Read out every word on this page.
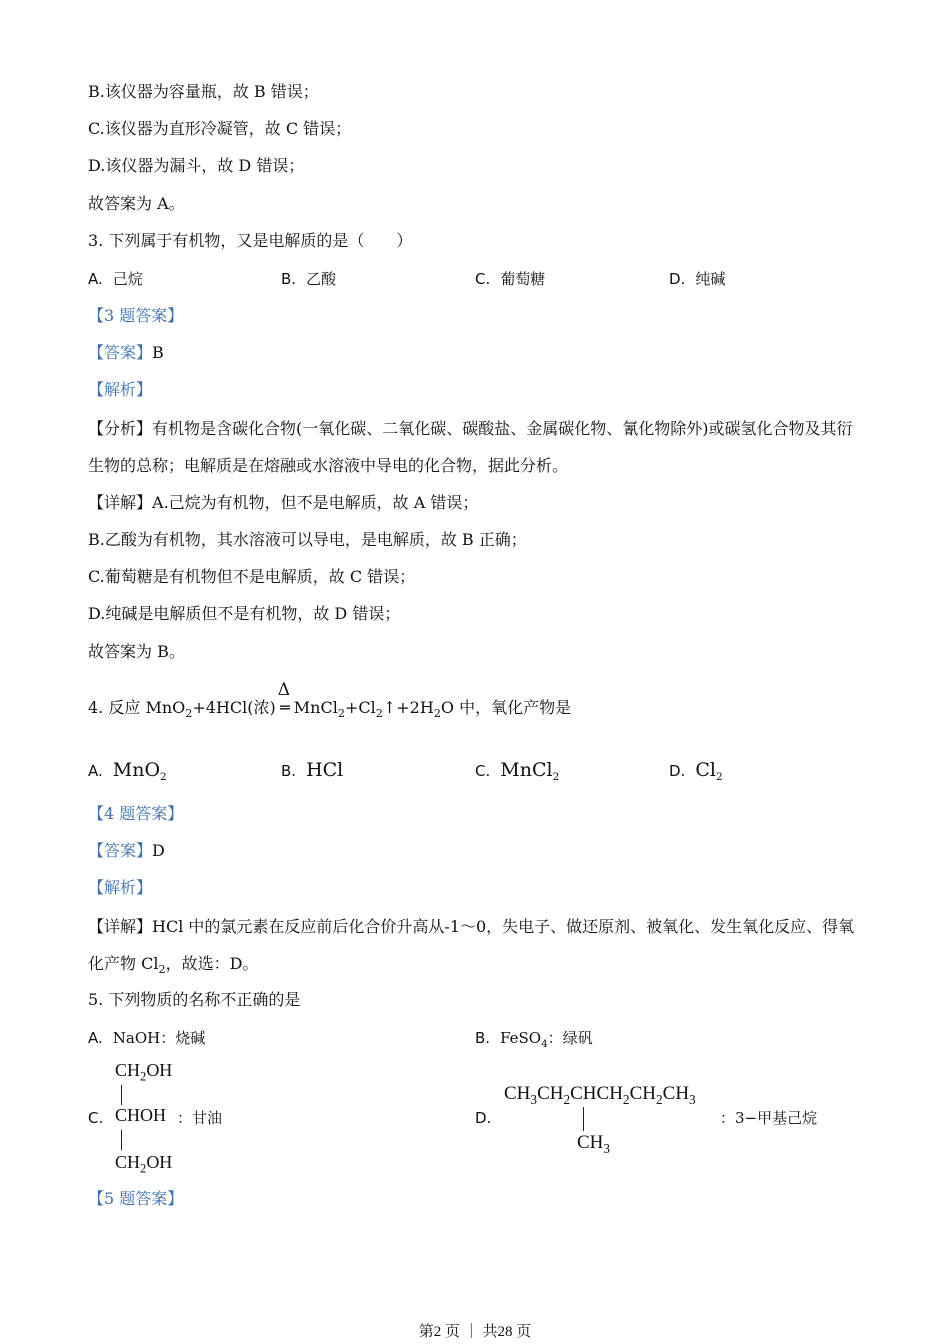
B.该仪器为容量瓶，故 B 错误；
C.该仪器为直形冷凝管，故 C 错误；
D.该仪器为漏斗，故 D 错误；
故答案为 A。
3. 下列属于有机物，又是电解质的是（　　）
A. 己烷	B. 乙酸	C. 葡萄糖	D. 纯碱
【3 题答案】
【答案】B
【解析】
【分析】有机物是含碳化合物(一氧化碳、二氧化碳、碳酸盐、金属碳化物、氰化物除外)或碳氢化合物及其衍生物的总称；电解质是在熔融或水溶液中导电的化合物，据此分析。
【详解】A.己烷为有机物，但不是电解质，故 A 错误；
B.乙酸为有机物，其水溶液可以导电，是电解质，故 B 正确；
C.葡萄糖是有机物但不是电解质，故 C 错误；
D.纯碱是电解质但不是有机物，故 D 错误；
故答案为 B。
4. 反应 MnO$_2$+4HCl(浓)
Δ
═ $MnCl_2+Cl_2↑+2H_2O$ 中，氧化产物是
A. MnO$_2$	B. HCl	C. MnCl$_2$	D. $Cl_2$
【4 题答案】
【答案】D
【解析】
【详解】HCl 中的氯元素在反应前后化合价升高从-1～0，失电子、做还原剂、被氧化、发生氧化反应、得氧化产物 $Cl_2$，故选：D。
5. 下列物质的名称不正确的是
A. NaOH：烧碱	B. FeSO$_4$：绿矾
C.
$CH_2OH$
CHOH
$CH_2OH$
：甘油	D.
$CH_3CH_2CHCH_2CH_2CH_3$
$CH_3$
：3−甲基己烷
【5 题答案】
第2 页 ｜ 共28 页
